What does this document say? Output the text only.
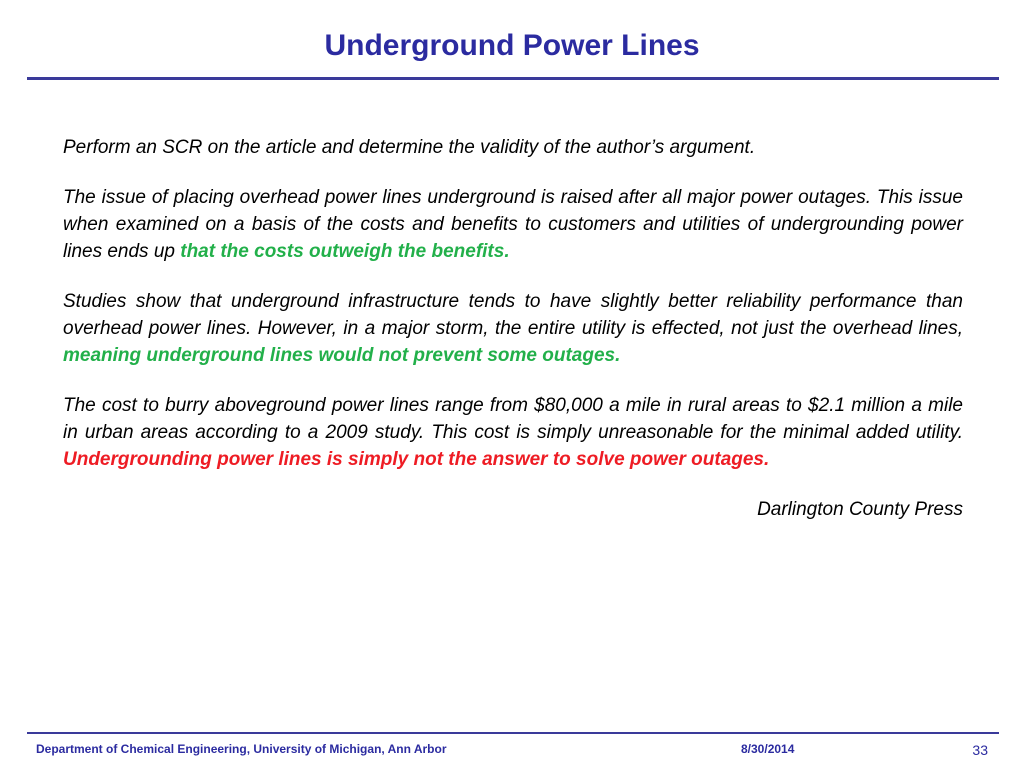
Underground Power Lines

Perform an SCR on the article and determine the validity of the author’s argument.

The issue of placing overhead power lines underground is raised after all major power outages. This issue when examined on a basis of the costs and benefits to customers and utilities of undergrounding power lines ends up that the costs outweigh the benefits.

Studies show that underground infrastructure tends to have slightly better reliability performance than overhead power lines. However, in a major storm, the entire utility is effected, not just the overhead lines, meaning underground lines would not prevent some outages.

The cost to burry aboveground power lines range from $80,000 a mile in rural areas to $2.1 million a mile in urban areas according to a 2009 study. This cost is simply unreasonable for the minimal added utility. Undergrounding power lines is simply not the answer to solve power outages.

Darlington County Press

Department of Chemical Engineering, University of Michigan, Ann Arbor	8/30/2014	33
